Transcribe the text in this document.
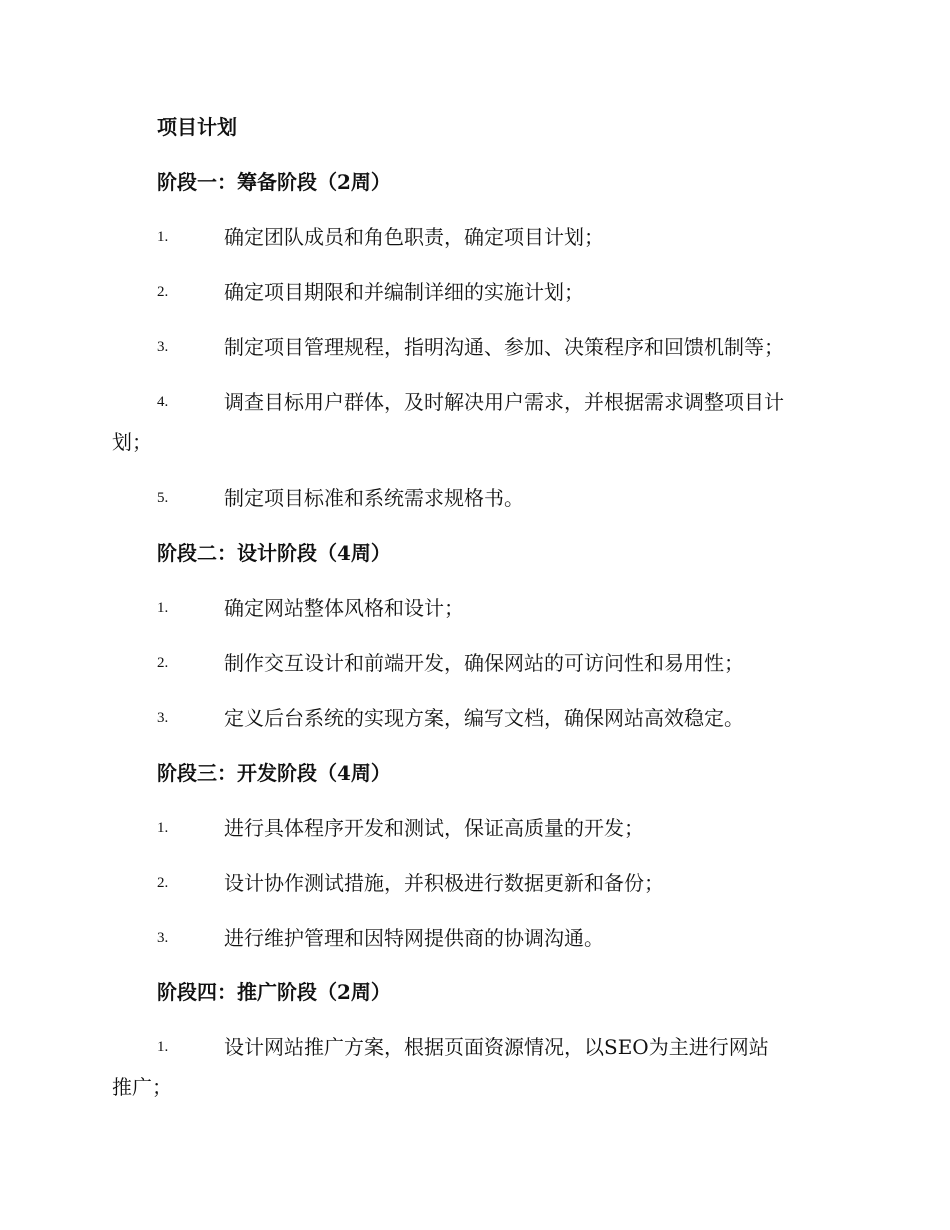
项目计划
阶段一：筹备阶段（2周）
1.	确定团队成员和角色职责，确定项目计划；
2.	确定项目期限和并编制详细的实施计划；
3.	制定项目管理规程，指明沟通、参加、决策程序和回馈机制等；
4.	调查目标用户群体，及时解决用户需求，并根据需求调整项目计
划；
5.	制定项目标准和系统需求规格书。
阶段二：设计阶段（4周）
1.	确定网站整体风格和设计；
2.	制作交互设计和前端开发，确保网站的可访问性和易用性；
3.	定义后台系统的实现方案，编写文档，确保网站高效稳定。
阶段三：开发阶段（4周）
1.	进行具体程序开发和测试，保证高质量的开发；
2.	设计协作测试措施，并积极进行数据更新和备份；
3.	进行维护管理和因特网提供商的协调沟通。
阶段四：推广阶段（2周）
1.	设计网站推广方案，根据页面资源情况，以SEO为主进行网站
推广；
